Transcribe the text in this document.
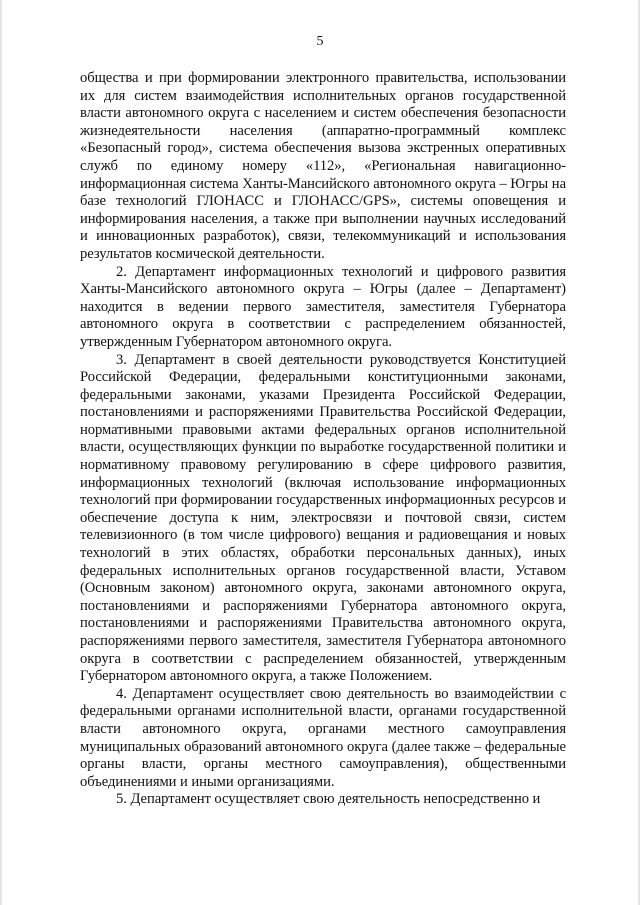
5

общества и при формировании электронного правительства, использовании их для систем взаимодействия исполнительных органов государственной власти автономного округа с населением и систем обеспечения безопасности жизнедеятельности населения (аппаратно-программный комплекс «Безопасный город», система обеспечения вызова экстренных оперативных служб по единому номеру «112», «Региональная навигационно-информационная система Ханты-Мансийского автономного округа – Югры на базе технологий ГЛОНАСС и ГЛОНАСС/GPS», системы оповещения и информирования населения, а также при выполнении научных исследований и инновационных разработок), связи, телекоммуникаций и использования результатов космической деятельности.

2. Департамент информационных технологий и цифрового развития Ханты-Мансийского автономного округа – Югры (далее – Департамент) находится в ведении первого заместителя, заместителя Губернатора автономного округа в соответствии с распределением обязанностей, утвержденным Губернатором автономного округа.

3. Департамент в своей деятельности руководствуется Конституцией Российской Федерации, федеральными конституционными законами, федеральными законами, указами Президента Российской Федерации, постановлениями и распоряжениями Правительства Российской Федерации, нормативными правовыми актами федеральных органов исполнительной власти, осуществляющих функции по выработке государственной политики и нормативному правовому регулированию в сфере цифрового развития, информационных технологий (включая использование информационных технологий при формировании государственных информационных ресурсов и обеспечение доступа к ним, электросвязи и почтовой связи, систем телевизионного (в том числе цифрового) вещания и радиовещания и новых технологий в этих областях, обработки персональных данных), иных федеральных исполнительных органов государственной власти, Уставом (Основным законом) автономного округа, законами автономного округа, постановлениями и распоряжениями Губернатора автономного округа, постановлениями и распоряжениями Правительства автономного округа, распоряжениями первого заместителя, заместителя Губернатора автономного округа в соответствии с распределением обязанностей, утвержденным Губернатором автономного округа, а также Положением.

4. Департамент осуществляет свою деятельность во взаимодействии с федеральными органами исполнительной власти, органами государственной власти автономного округа, органами местного самоуправления муниципальных образований автономного округа (далее также – федеральные органы власти, органы местного самоуправления), общественными объединениями и иными организациями.

5. Департамент осуществляет свою деятельность непосредственно и
